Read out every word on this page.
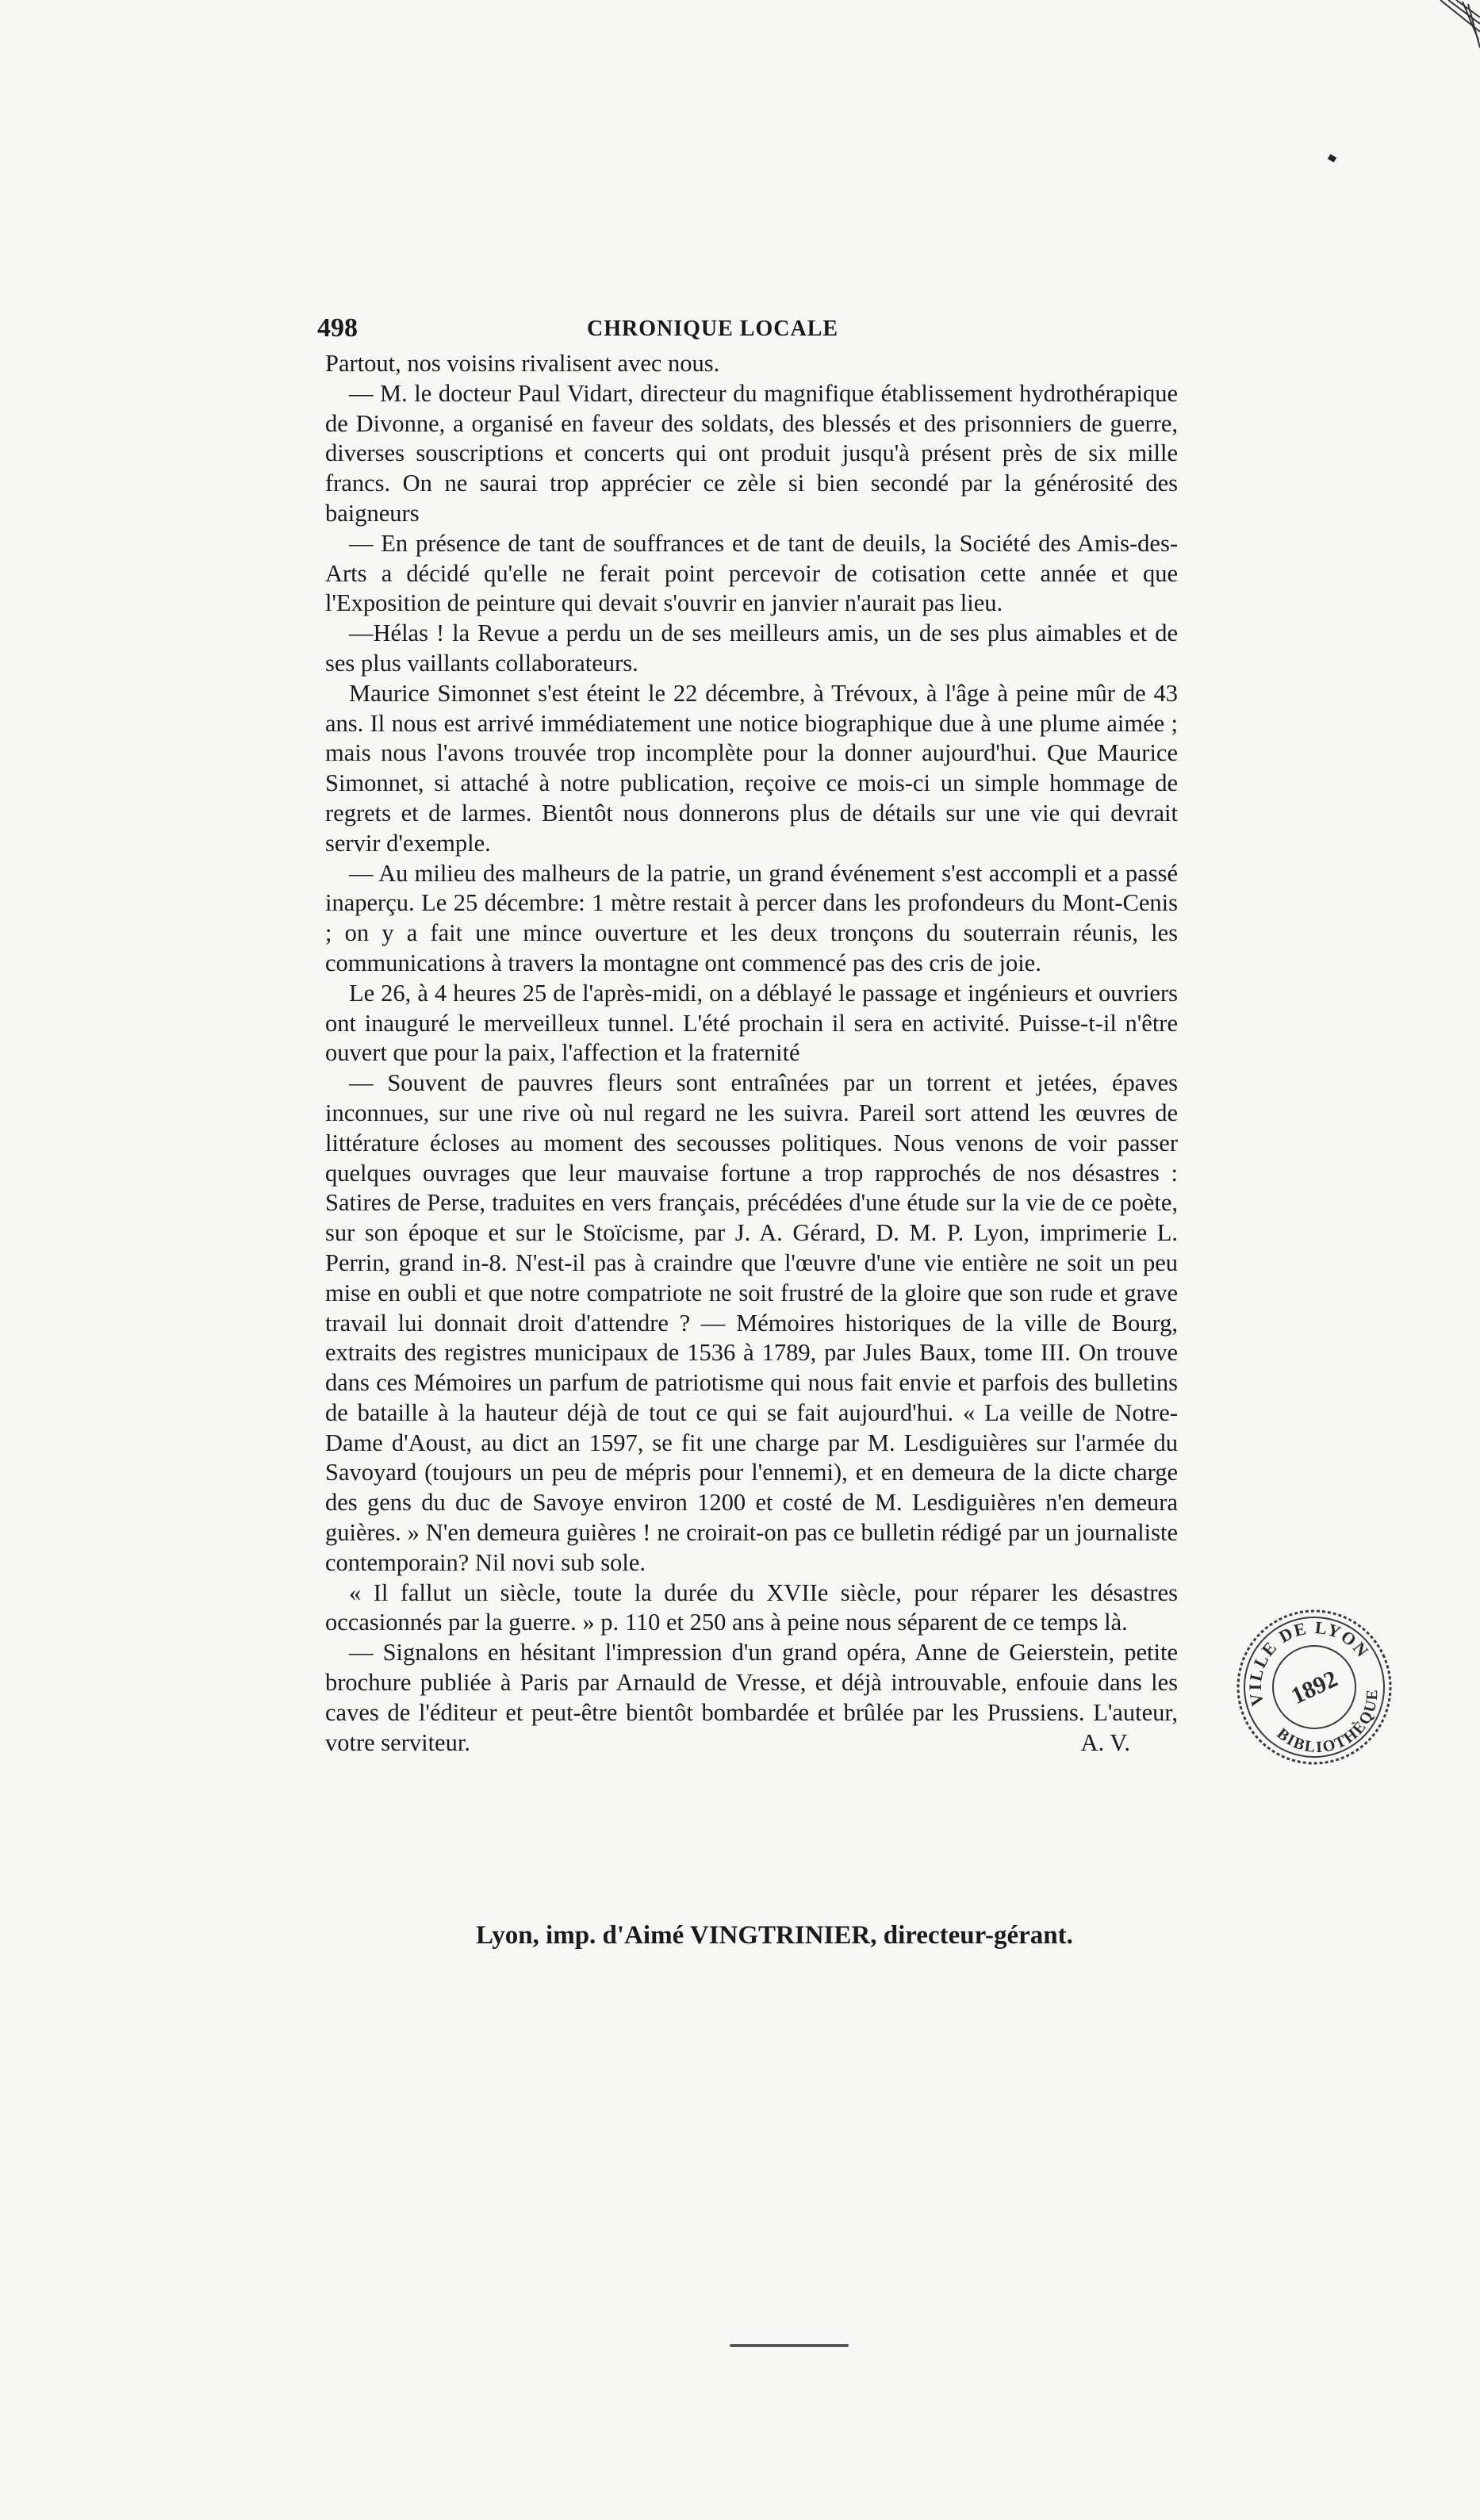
498	CHRONIQUE LOCALE

Partout, nos voisins rivalisent avec nous.

— M. le docteur Paul Vidart, directeur du magnifique établissement hydrothérapique de Divonne, a organisé en faveur des soldats, des blessés et des prisonniers de guerre, diverses souscriptions et concerts qui ont produit jusqu'à présent près de six mille francs. On ne saurai trop apprécier ce zèle si bien secondé par la générosité des baigneurs

— En présence de tant de souffrances et de tant de deuils, la Société des Amis-des-Arts a décidé qu'elle ne ferait point percevoir de cotisation cette année et que l'Exposition de peinture qui devait s'ouvrir en janvier n'aurait pas lieu.

—Hélas ! la Revue a perdu un de ses meilleurs amis, un de ses plus aimables et de ses plus vaillants collaborateurs.

Maurice Simonnet s'est éteint le 22 décembre, à Trévoux, à l'âge à peine mûr de 43 ans. Il nous est arrivé immédiatement une notice biographique due à une plume aimée ; mais nous l'avons trouvée trop incomplète pour la donner aujourd'hui. Que Maurice Simonnet, si attaché à notre publication, reçoive ce mois-ci un simple hommage de regrets et de larmes. Bientôt nous donnerons plus de détails sur une vie qui devrait servir d'exemple.

— Au milieu des malheurs de la patrie, un grand événement s'est accompli et a passé inaperçu. Le 25 décembre: 1 mètre restait à percer dans les profondeurs du Mont-Cenis ; on y a fait une mince ouverture et les deux tronçons du souterrain réunis, les communications à travers la montagne ont commencé pas des cris de joie.

Le 26, à 4 heures 25 de l'après-midi, on a déblayé le passage et ingénieurs et ouvriers ont inauguré le merveilleux tunnel. L'été prochain il sera en activité. Puisse-t-il n'être ouvert que pour la paix, l'affection et la fraternité

— Souvent de pauvres fleurs sont entraînées par un torrent et jetées, épaves inconnues, sur une rive où nul regard ne les suivra. Pareil sort attend les œuvres de littérature écloses au moment des secousses politiques. Nous venons de voir passer quelques ouvrages que leur mauvaise fortune a trop rapprochés de nos désastres : Satires de Perse, traduites en vers français, précédées d'une étude sur la vie de ce poète, sur son époque et sur le Stoïcisme, par J. A. Gérard, D. M. P. Lyon, imprimerie L. Perrin, grand in-8. N'est-il pas à craindre que l'œuvre d'une vie entière ne soit un peu mise en oubli et que notre compatriote ne soit frustré de la gloire que son rude et grave travail lui donnait droit d'attendre ? — Mémoires historiques de la ville de Bourg, extraits des registres municipaux de 1536 à 1789, par Jules Baux, tome III. On trouve dans ces Mémoires un parfum de patriotisme qui nous fait envie et parfois des bulletins de bataille à la hauteur déjà de tout ce qui se fait aujourd'hui. « La veille de Notre-Dame d'Aoust, au dict an 1597, se fit une charge par M. Lesdiguières sur l'armée du Savoyard (toujours un peu de mépris pour l'ennemi), et en demeura de la dicte charge des gens du duc de Savoye environ 1200 et costé de M. Lesdiguières n'en demeura guières. » N'en demeura guières ! ne croirait-on pas ce bulletin rédigé par un journaliste contemporain? Nil novi sub sole.

« Il fallut un siècle, toute la durée du XVIIe siècle, pour réparer les désastres occasionnés par la guerre. » p. 110 et 250 ans à peine nous séparent de ce temps là.

— Signalons en hésitant l'impression d'un grand opéra, Anne de Geierstein, petite brochure publiée à Paris par Arnauld de Vresse, et déjà introuvable, enfouie dans les caves de l'éditeur et peut-être bientôt bombardée et brûlée par les Prussiens. L'auteur, votre serviteur.	A. V.

Lyon, imp. d'Aimé VINGTRINIER, directeur-gérant.
VILLE DE LYON
BIBLIOTHÈQUE
1892
